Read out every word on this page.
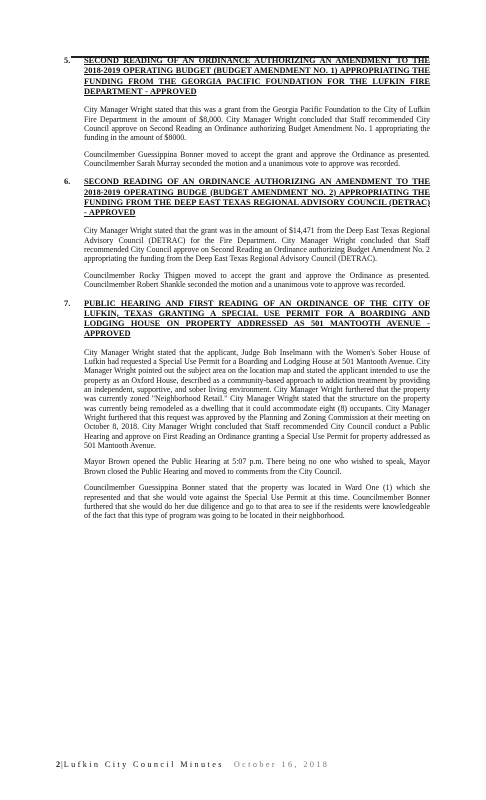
5. SECOND READING OF AN ORDINANCE AUTHORIZING AN AMENDMENT TO THE 2018-2019 OPERATING BUDGET (BUDGET AMENDMENT NO. 1) APPROPRIATING THE FUNDING FROM THE GEORGIA PACIFIC FOUNDATION FOR THE LUFKIN FIRE DEPARTMENT - APPROVED

City Manager Wright stated that this was a grant from the Georgia Pacific Foundation to the City of Lufkin Fire Department in the amount of $8,000. City Manager Wright concluded that Staff recommended City Council approve on Second Reading an Ordinance authorizing Budget Amendment No. 1 appropriating the funding in the amount of $8000.

Councilmember Guessippina Bonner moved to accept the grant and approve the Ordinance as presented. Councilmember Sarah Murray seconded the motion and a unanimous vote to approve was recorded.

6. SECOND READING OF AN ORDINANCE AUTHORIZING AN AMENDMENT TO THE 2018-2019 OPERATING BUDGE (BUDGET AMENDMENT NO. 2) APPROPRIATING THE FUNDING FROM THE DEEP EAST TEXAS REGIONAL ADVISORY COUNCIL (DETRAC) - APPROVED

City Manager Wright stated that the grant was in the amount of $14,471 from the Deep East Texas Regional Advisory Council (DETRAC) for the Fire Department. City Manager Wright concluded that Staff recommended City Council approve on Second Reading an Ordinance authorizing Budget Amendment No. 2 appropriating the funding from the Deep East Texas Regional Advisory Council (DETRAC).

Councilmember Rocky Thigpen moved to accept the grant and approve the Ordinance as presented. Councilmember Robert Shankle seconded the motion and a unanimous vote to approve was recorded.

7. PUBLIC HEARING AND FIRST READING OF AN ORDINANCE OF THE CITY OF LUFKIN, TEXAS GRANTING A SPECIAL USE PERMIT FOR A BOARDING AND LODGING HOUSE ON PROPERTY ADDRESSED AS 501 MANTOOTH AVENUE - APPROVED

City Manager Wright stated that the applicant, Judge Bob Inselmann with the Women's Sober House of Lufkin had requested a Special Use Permit for a Boarding and Lodging House at 501 Mantooth Avenue. City Manager Wright pointed out the subject area on the location map and stated the applicant intended to use the property as an Oxford House, described as a community-based approach to addiction treatment by providing an independent, supportive, and sober living environment. City Manager Wright furthered that the property was currently zoned "Neighborhood Retail." City Manager Wright stated that the structure on the property was currently being remodeled as a dwelling that it could accommodate eight (8) occupants. City Manager Wright furthered that this request was approved by the Planning and Zoning Commission at their meeting on October 8, 2018. City Manager Wright concluded that Staff recommended City Council conduct a Public Hearing and approve on First Reading an Ordinance granting a Special Use Permit for property addressed as 501 Mantooth Avenue.

Mayor Brown opened the Public Hearing at 5:07 p.m. There being no one who wished to speak, Mayor Brown closed the Public Hearing and moved to comments from the City Council.

Councilmember Guessippina Bonner stated that the property was located in Ward One (1) which she represented and that she would vote against the Special Use Permit at this time. Councilmember Bonner furthered that she would do her due diligence and go to that area to see if the residents were knowledgeable of the fact that this type of program was going to be located in their neighborhood.

2|Lufkin City Council Minutes October 16, 2018
